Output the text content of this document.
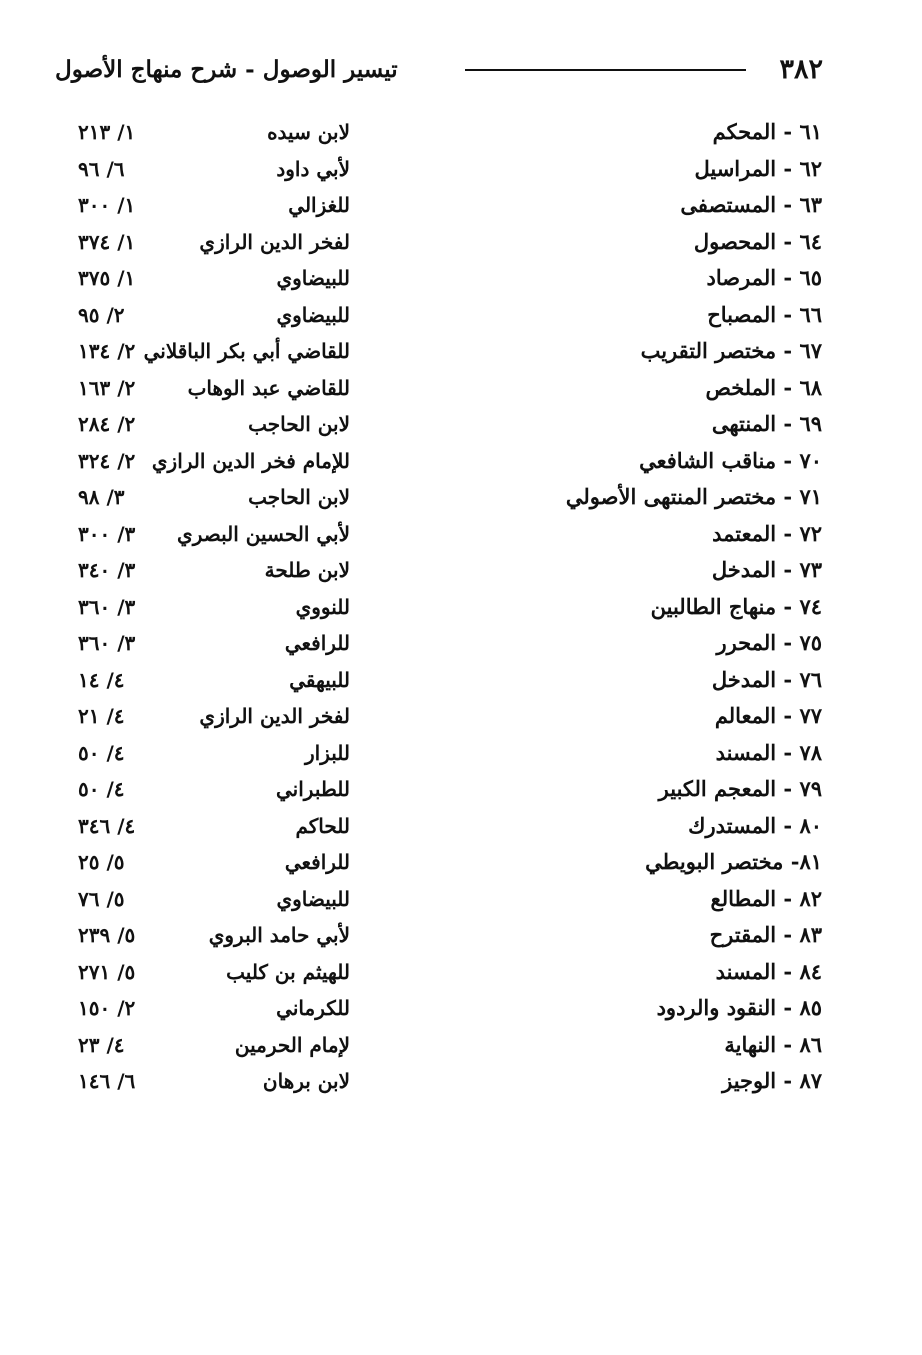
٣٨٢
تيسير الوصول - شرح منهاج الأصول
٦١ - المحكم
٦٢ - المراسيل
٦٣ - المستصفى
٦٤ - المحصول
٦٥ - المرصاد
٦٦ - المصباح
٦٧ - مختصر التقريب
٦٨ - الملخص
٦٩ - المنتهى
٧٠ - مناقب الشافعي
٧١ - مختصر المنتهى الأصولي
٧٢ - المعتمد
٧٣ - المدخل
٧٤ - منهاج الطالبين
٧٥ - المحرر
٧٦ - المدخل
٧٧ - المعالم
٧٨ - المسند
٧٩ - المعجم الكبير
٨٠ - المستدرك
٨١- مختصر البويطي
٨٢ - المطالع
٨٣ - المقترح
٨٤ - المسند
٨٥ - النقود والردود
٨٦ - النهاية
٨٧ - الوجيز
لابن سيده
١/ ٢١٣
لأبي داود
٦/ ٩٦
للغزالي
١/ ٣٠٠
لفخر الدين الرازي
١/ ٣٧٤
للبيضاوي
١/ ٣٧٥
للبيضاوي
٢/ ٩٥
للقاضي أبي بكر الباقلاني
٢/ ١٣٤
للقاضي عبد الوهاب
٢/ ١٦٣
لابن الحاجب
٢/ ٢٨٤
للإمام فخر الدين الرازي
٢/ ٣٢٤
لابن الحاجب
٣/ ٩٨
لأبي الحسين البصري
٣/ ٣٠٠
لابن طلحة
٣/ ٣٤٠
للنووي
٣/ ٣٦٠
للرافعي
٣/ ٣٦٠
للبيهقي
٤/ ١٤
لفخر الدين الرازي
٤/ ٢١
للبزار
٤/ ٥٠
للطبراني
٤/ ٥٠
للحاكم
٤/ ٣٤٦
للرافعي
٥/ ٢٥
للبيضاوي
٥/ ٧٦
لأبي حامد البروي
٥/ ٢٣٩
للهيثم بن كليب
٥/ ٢٧١
للكرماني
٢/ ١٥٠
لإمام الحرمين
٤/ ٢٣
لابن برهان
٦/ ١٤٦
